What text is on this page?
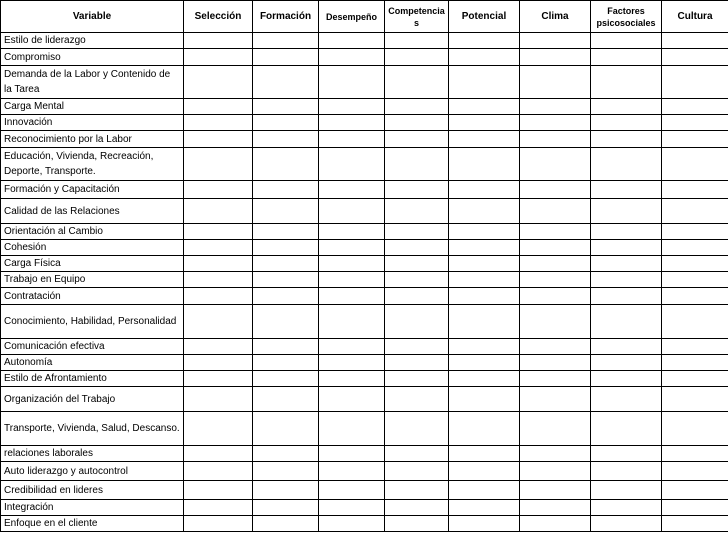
Variable	Selección	Formación	Desempeño	Competencias	Potencial	Clima	Factores psicosociales	Cultura
Estilo de liderazgo								
Compromiso								
Demanda de la Labor y Contenido de la Tarea								
Carga Mental								
Innovación								
Reconocimiento por la Labor								
Educación, Vivienda, Recreación, Deporte, Transporte.								
Formación y Capacitación								
Calidad de las Relaciones								
Orientación al Cambio								
Cohesión								
Carga Física								
Trabajo en Equipo								
Contratación								
Conocimiento, Habilidad, Personalidad								
Comunicación efectiva								
Autonomía								
Estilo de Afrontamiento								
Organización del Trabajo								
Transporte, Vivienda, Salud, Descanso.								
relaciones laborales								
Auto liderazgo y autocontrol								
Credibilidad en lideres								
Integración								
Enfoque en el cliente								
